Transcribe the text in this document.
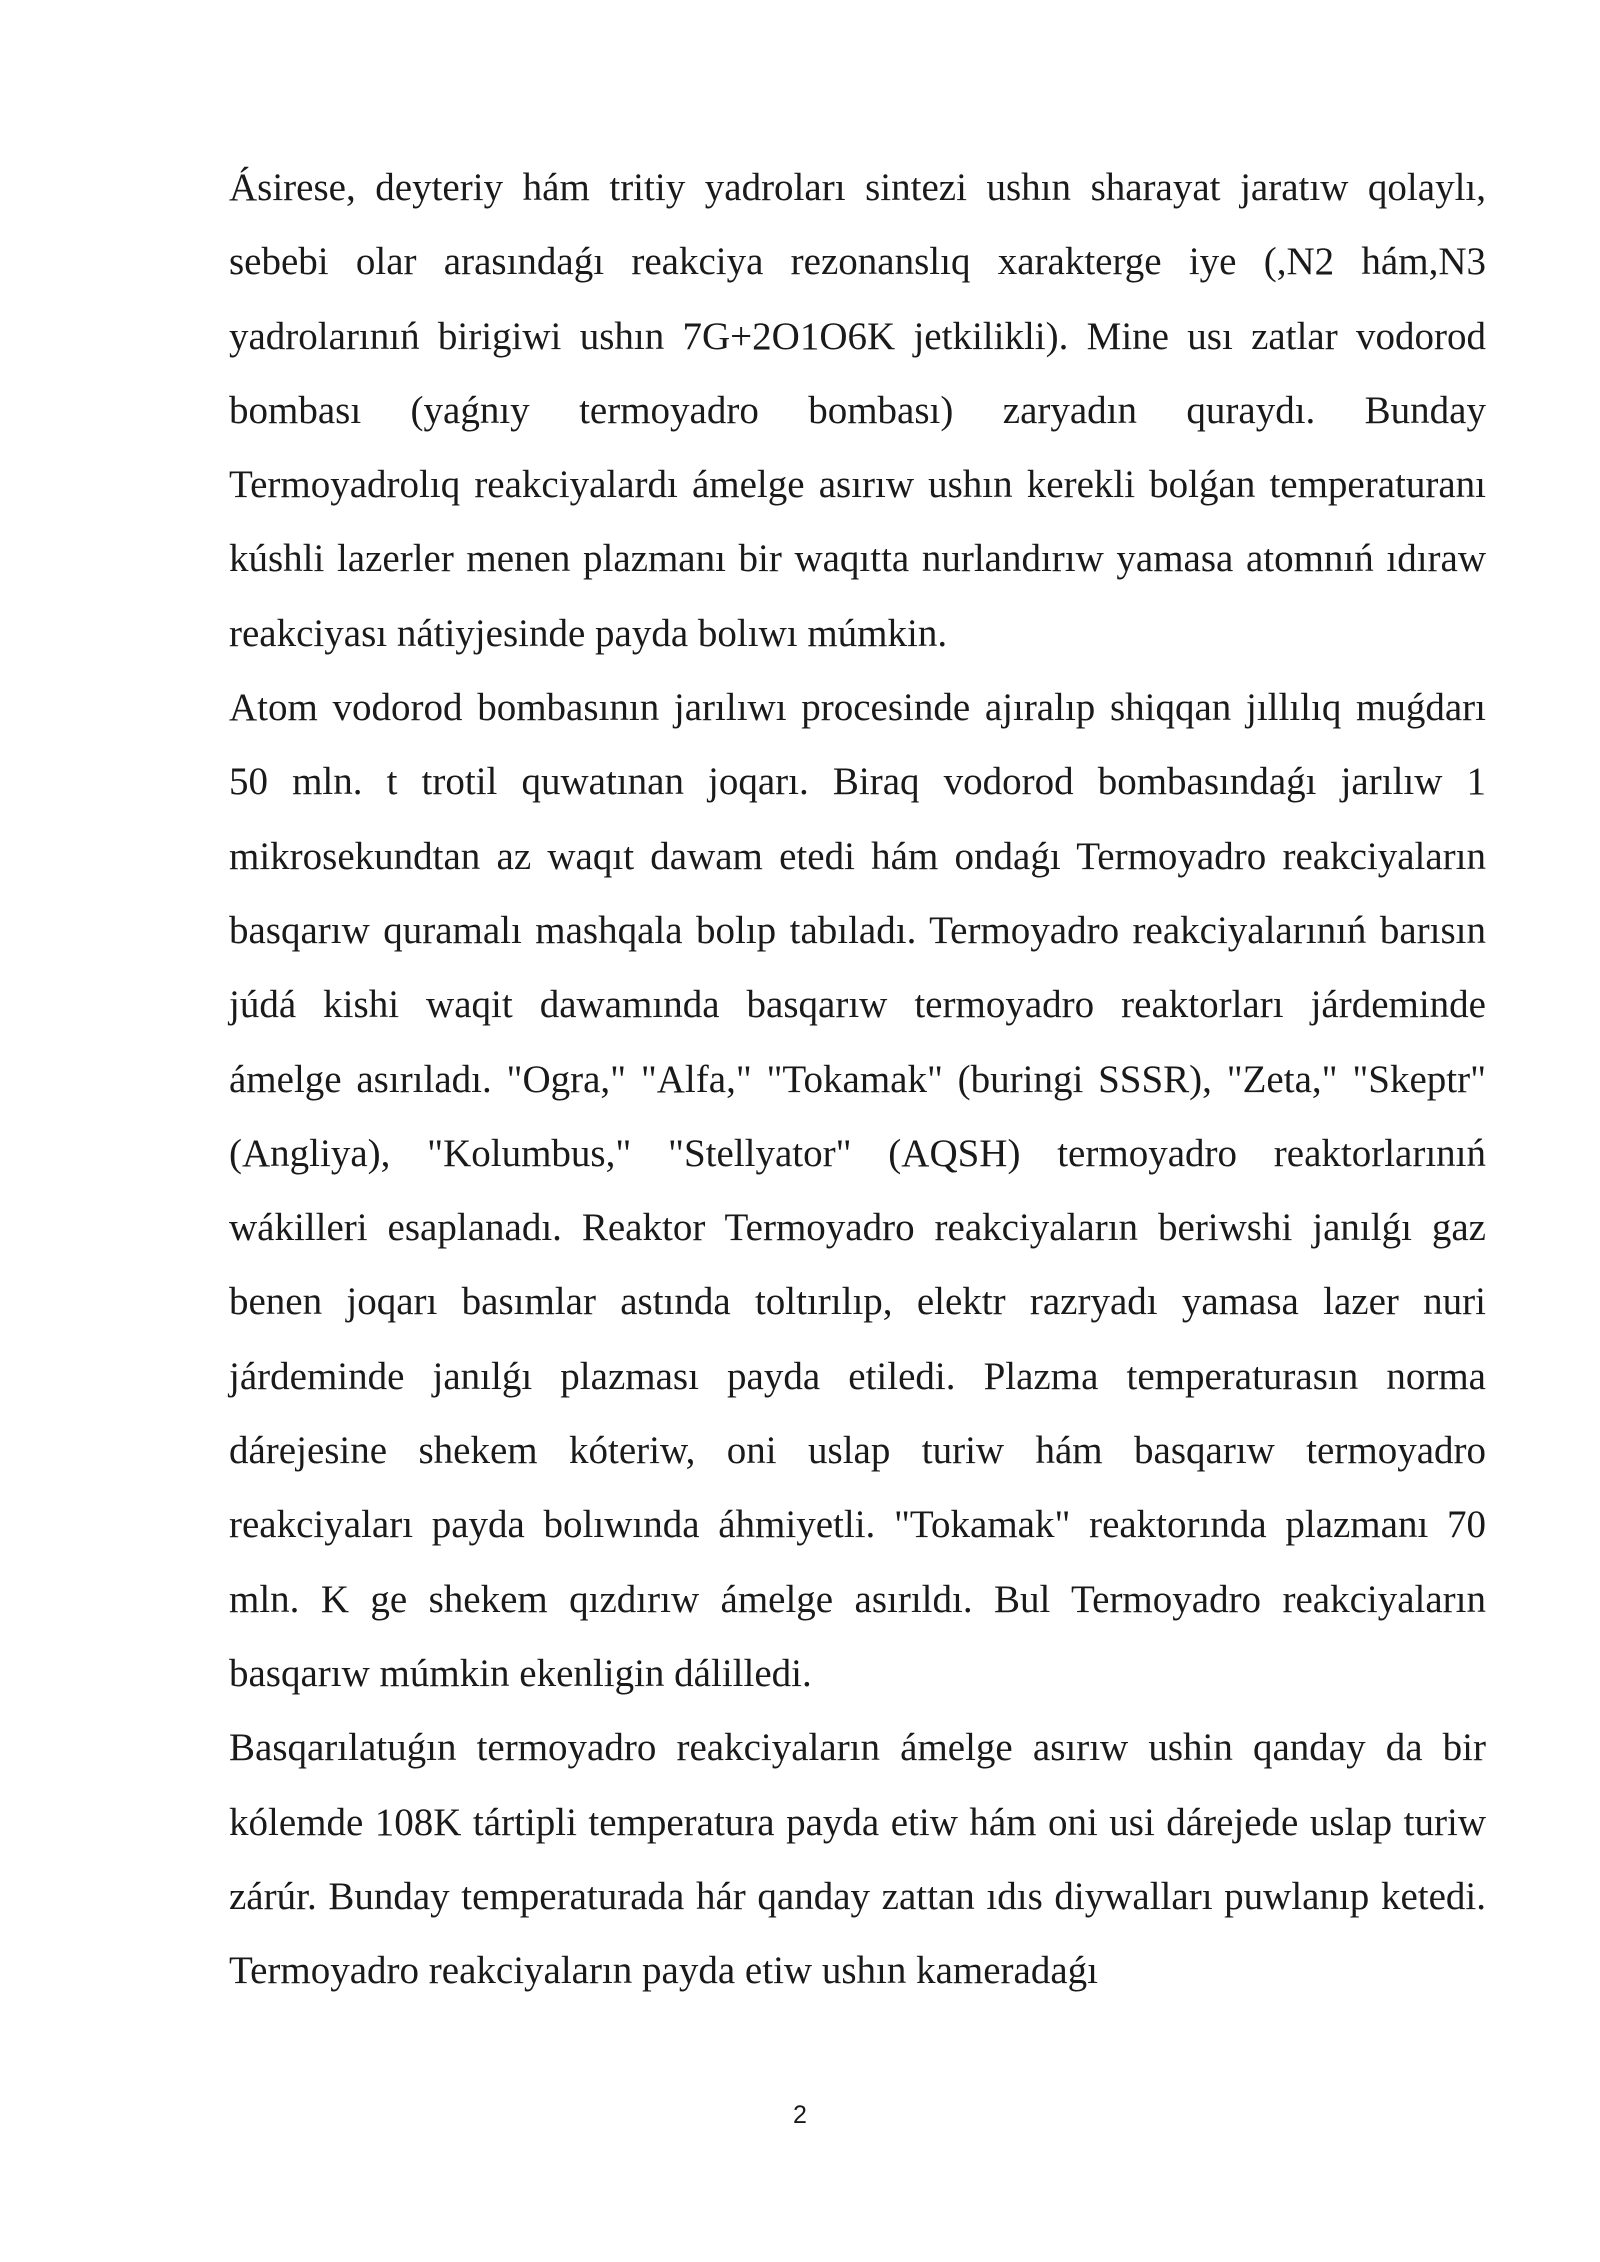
Ásirese, deyteriy hám tritiy yadroları sintezi ushın sharayat jaratıw qolaylı, sebebi olar arasındaǵı reakciya rezonanslıq xarakterge iye (,N2 hám,N3 yadrolarınıń birigiwi ushın 7G+2O1O6K jetkilikli). Mine usı zatlar vodorod bombası (yaǵnıy termoyadro bombası) zaryadın quraydı. Bunday Termoyadrolıq reakciyalardı ámelge asırıw ushın kerekli bolǵan temperaturanı kúshli lazerler menen plazmanı bir waqıtta nurlandırıw yamasa atomnıń ıdıraw reakciyası nátiyjesinde payda bolıwı múmkin.

Atom vodorod bombasının jarılıwı procesinde ajıralıp shiqqan jıllılıq muǵdarı 50 mln. t trotil quwatınan joqarı. Biraq vodorod bombasındaǵı jarılıw 1 mikrosekundtan az waqıt dawam etedi hám ondaǵı Termoyadro reakciyaların basqarıw quramalı mashqala bolıp tabıladı. Termoyadro reakciyalarınıń barısın júdá kishi waqit dawamında basqarıw termoyadro reaktorları járdeminde ámelge asırıladı. "Ogra," "Alfa," "Tokamak" (buringi SSSR), "Zeta," "Skeptr" (Angliya), "Kolumbus," "Stellyator" (AQSH) termoyadro reaktorlarınıń wákilleri esaplanadı. Reaktor Termoyadro reakciyaların beriwshi janılǵı gaz benen joqarı basımlar astında toltırılıp, elektr razryadı yamasa lazer nuri járdeminde janılǵı plazması payda etiledi. Plazma temperaturasın norma dárejesine shekem kóteriw, oni uslap turiw hám basqarıw termoyadro reakciyaları payda bolıwında áhmiyetli. "Tokamak" reaktorında plazmanı 70 mln. K ge shekem qızdırıw ámelge asırıldı. Bul Termoyadro reakciyaların basqarıw múmkin ekenligin dálilledi.

Basqarılatuǵın termoyadro reakciyaların ámelge asırıw ushin qanday da bir kólemde 108K tártipli temperatura payda etiw hám oni usi dárejede uslap turiw zárúr. Bunday temperaturada hár qanday zattan ıdıs diywalları puwlanıp ketedi. Termoyadro reakciyaların payda etiw ushın kameradaǵı

2
